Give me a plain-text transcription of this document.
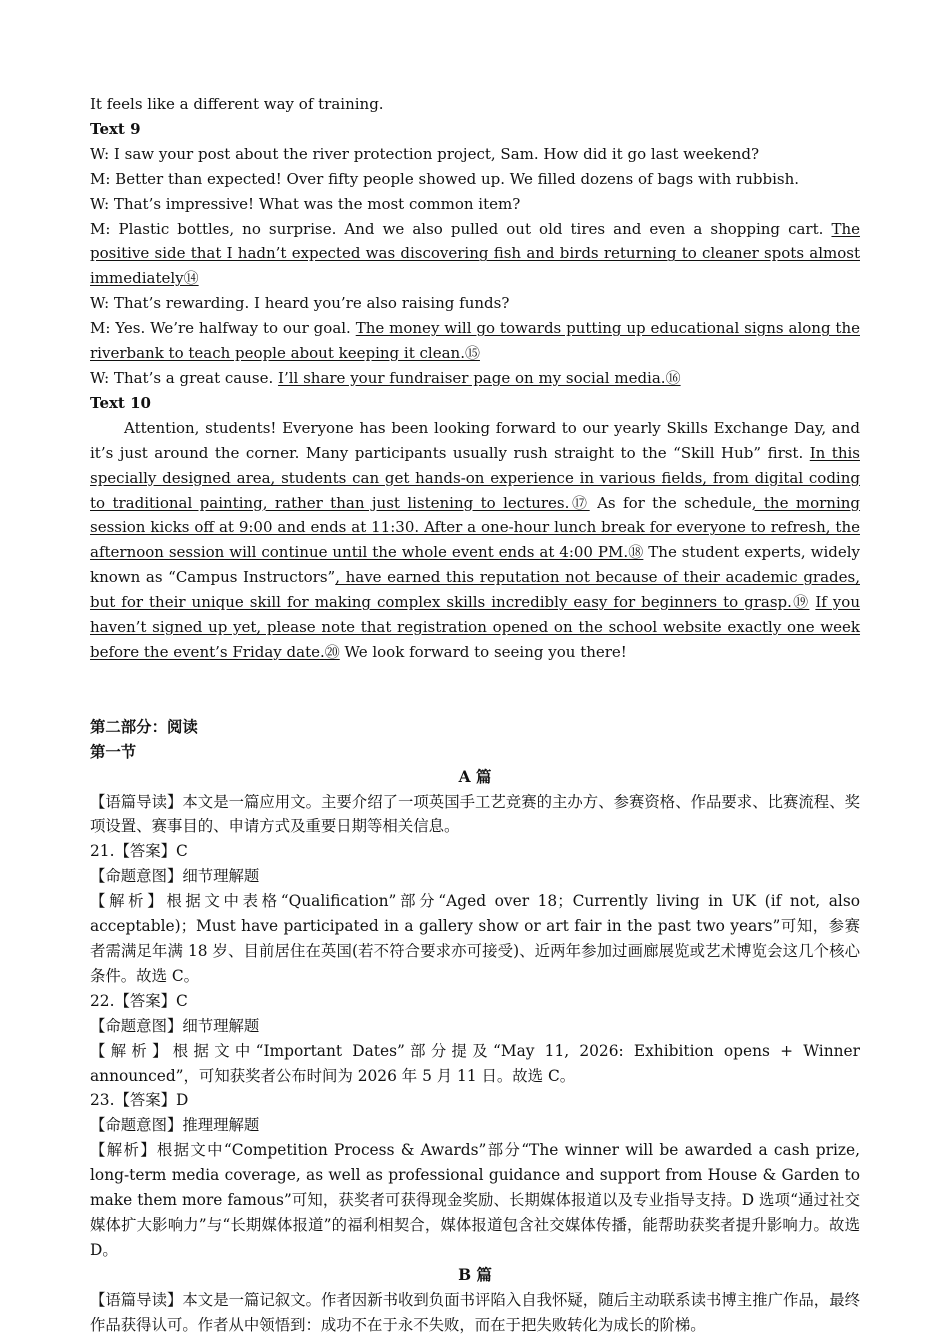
It feels like a different way of training.

Text 9

W: I saw your post about the river protection project, Sam. How did it go last weekend?

M: Better than expected! Over fifty people showed up. We filled dozens of bags with rubbish.

W: That’s impressive! What was the most common item?

M: Plastic bottles, no surprise. And we also pulled out old tires and even a shopping cart. The positive side that I hadn’t expected was discovering fish and birds returning to cleaner spots almost immediately⑭

W: That’s rewarding. I heard you’re also raising funds?

M: Yes. We’re halfway to our goal. The money will go towards putting up educational signs along the riverbank to teach people about keeping it clean.⑮

W: That’s a great cause. I’ll share your fundraiser page on my social media.⑯

Text 10

Attention, students! Everyone has been looking forward to our yearly Skills Exchange Day, and it’s just around the corner. Many participants usually rush straight to the “Skill Hub” first. In this specially designed area, students can get hands-on experience in various fields, from digital coding to traditional painting, rather than just listening to lectures.⑰ As for the schedule, the morning session kicks off at 9:00 and ends at 11:30. After a one-hour lunch break for everyone to refresh, the afternoon session will continue until the whole event ends at 4:00 PM.⑱ The student experts, widely known as “Campus Instructors”, have earned this reputation not because of their academic grades, but for their unique skill for making complex skills incredibly easy for beginners to grasp.⑲ If you haven’t signed up yet, please note that registration opened on the school website exactly one week before the event’s Friday date.⑳ We look forward to seeing you there!

第二部分：阅读

第一节

A 篇

【语篇导读】本文是一篇应用文。主要介绍了一项英国手工艺竞赛的主办方、参赛资格、作品要求、比赛流程、奖项设置、赛事目的、申请方式及重要日期等相关信息。

21.【答案】C

【命题意图】细节理解题

【解析】根据文中表格“Qualification”部分“Aged over 18；Currently living in UK (if not, also acceptable)；Must have participated in a gallery show or art fair in the past two years”可知，参赛者需满足年满 18 岁、目前居住在英国(若不符合要求亦可接受)、近两年参加过画廊展览或艺术博览会这几个核心条件。故选 C。

22.【答案】C

【命题意图】细节理解题

【解析】根据文中“Important Dates”部分提及“May 11, 2026: Exhibition opens + Winner announced”，可知获奖者公布时间为 2026 年 5 月 11 日。故选 C。

23.【答案】D

【命题意图】推理理解题

【解析】根据文中“Competition Process & Awards”部分“The winner will be awarded a cash prize, long-term media coverage, as well as professional guidance and support from House & Garden to make them more famous”可知，获奖者可获得现金奖励、长期媒体报道以及专业指导支持。D 选项“通过社交媒体扩大影响力”与“长期媒体报道”的福利相契合，媒体报道包含社交媒体传播，能帮助获奖者提升影响力。故选 D。

B 篇

【语篇导读】本文是一篇记叙文。作者因新书收到负面书评陷入自我怀疑，随后主动联系读书博主推广作品，最终作品获得认可。作者从中领悟到：成功不在于永不失败，而在于把失败转化为成长的阶梯。
